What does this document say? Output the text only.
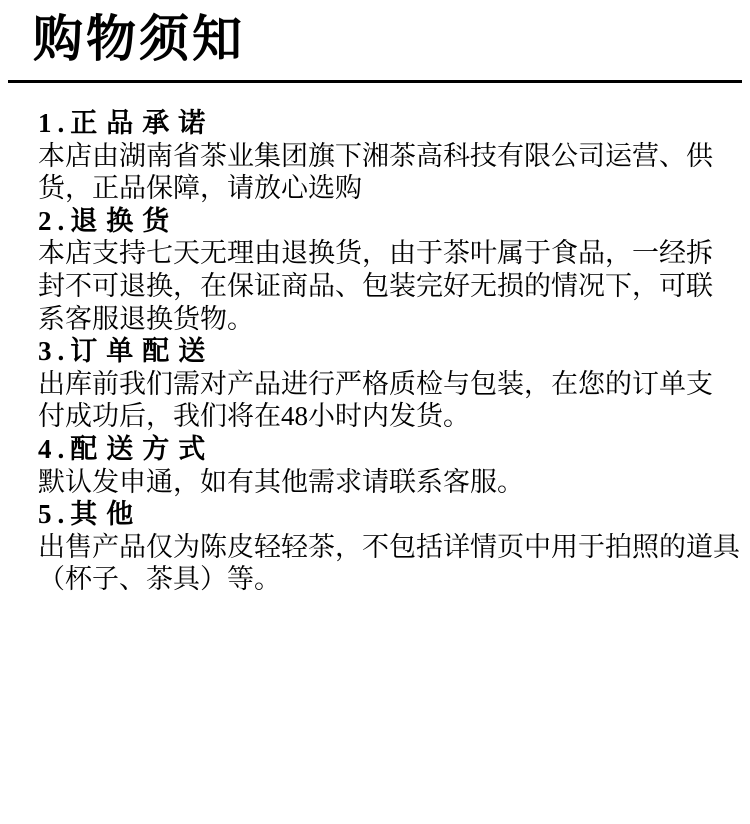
购物须知
1.正品承诺

本店由湖南省茶业集团旗下湘茶高科技有限公司运营、供

货，正品保障，请放心选购

2.退换货

本店支持七天无理由退换货，由于茶叶属于食品，一经拆

封不可退换，在保证商品、包装完好无损的情况下，可联

系客服退换货物。

3.订单配送

出库前我们需对产品进行严格质检与包装，在您的订单支

付成功后，我们将在48小时内发货。

4.配送方式

默认发申通，如有其他需求请联系客服。

5.其他

出售产品仅为陈皮轻轻茶，不包括详情页中用于拍照的道具

（杯子、茶具）等。
